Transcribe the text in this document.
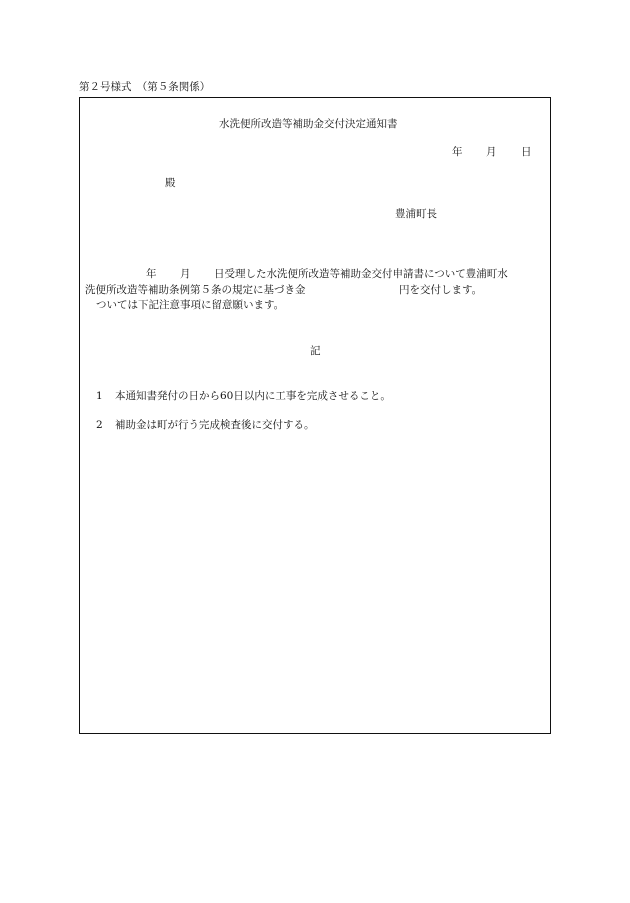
第２号様式　（第５条関係）
水洗便所改造等補助金交付決定通知書
年 月 日
殿
豊浦町長
年 月 日受理した水洗便所改造等補助金交付申請書について豊浦町水
洗便所改造等補助条例第５条の規定に基づき金	円を交付します。
ついては下記注意事項に留意願います。
記
1 本通知書発付の日から60日以内に工事を完成させること。
2 補助金は町が行う完成検査後に交付する。
